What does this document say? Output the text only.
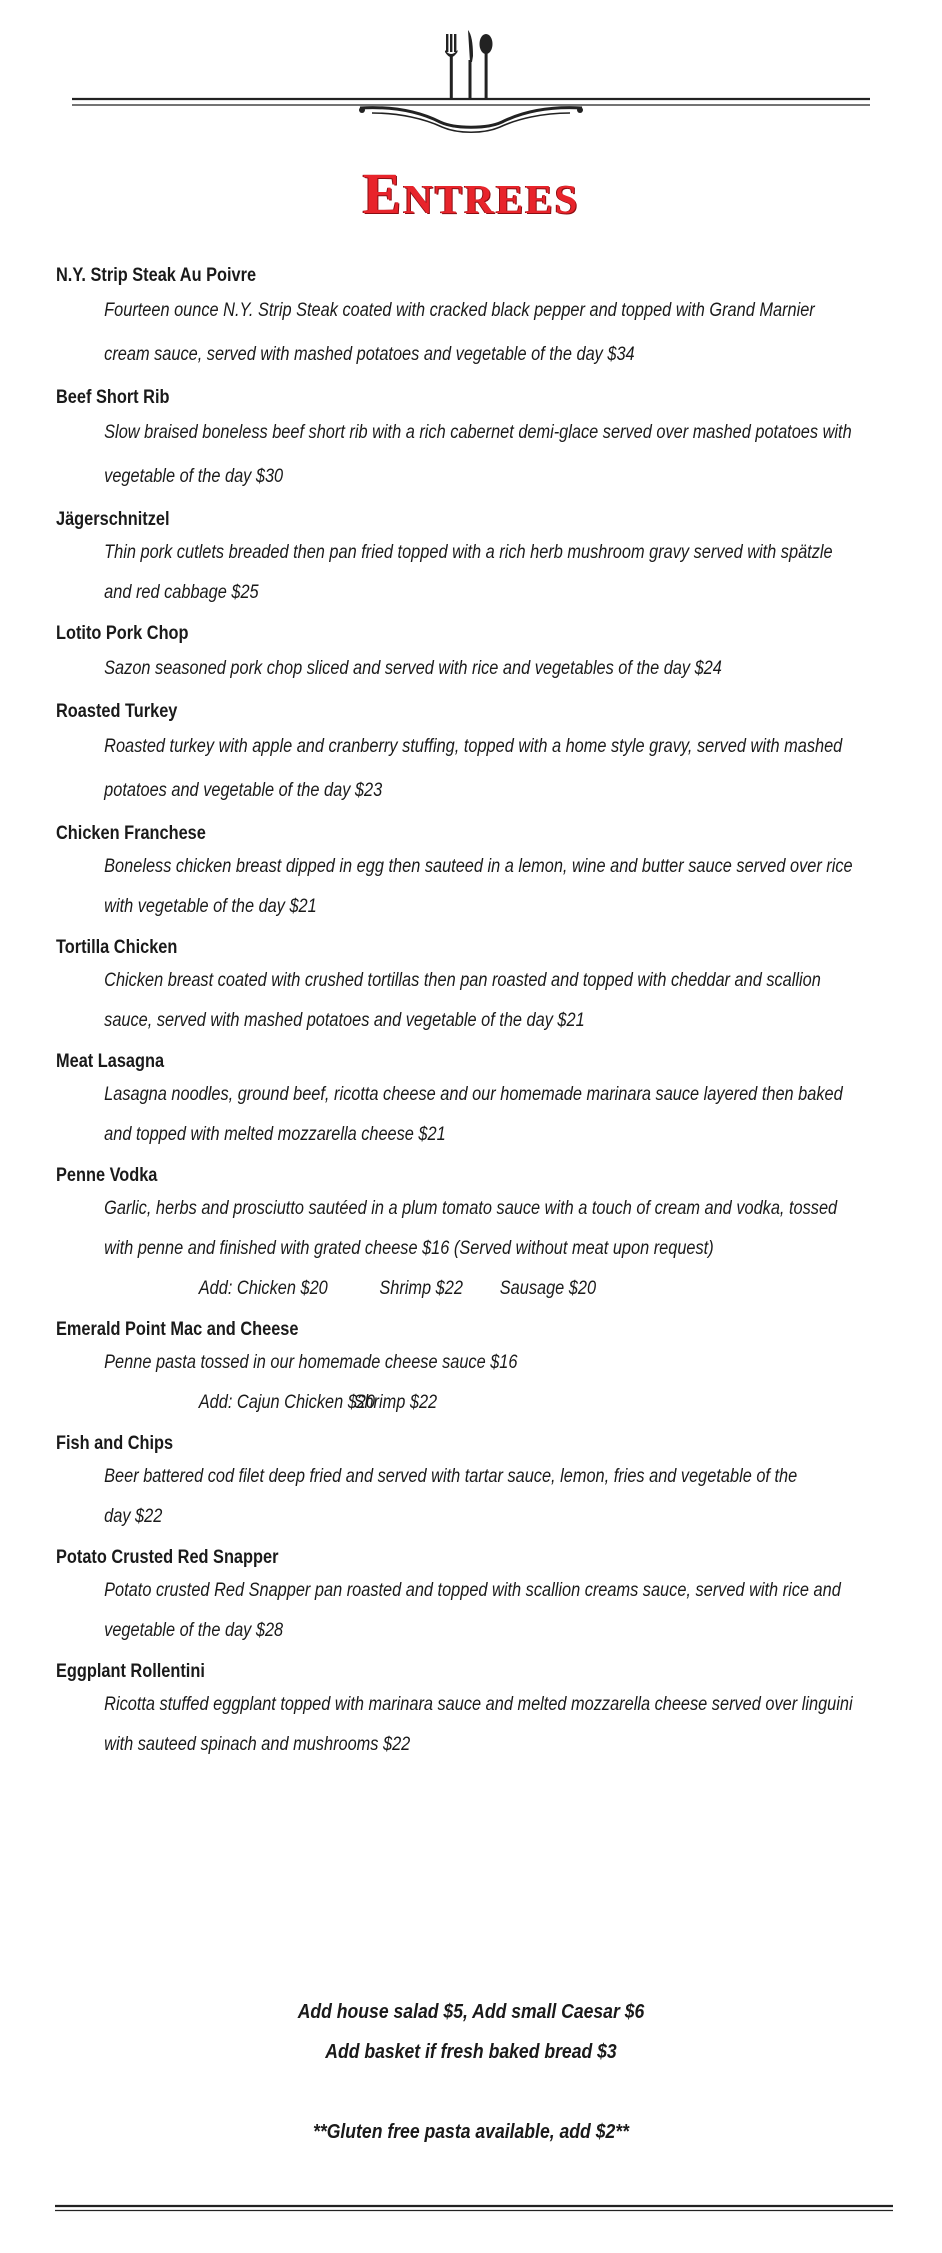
Entrees
N.Y. Strip Steak Au Poivre
Fourteen ounce N.Y. Strip Steak coated with cracked black pepper and topped with Grand Marnier
cream sauce, served with mashed potatoes and vegetable of the day $34
Beef Short Rib
Slow braised boneless beef short rib with a rich cabernet demi-glace served over mashed potatoes with
vegetable of the day $30
Jägerschnitzel
Thin pork cutlets breaded then pan fried topped with a rich herb mushroom gravy served with spätzle
and red cabbage $25
Lotito Pork Chop
Sazon seasoned pork chop sliced and served with rice and vegetables of the day $24
Roasted Turkey
Roasted turkey with apple and cranberry stuffing, topped with a home style gravy, served with mashed
potatoes and vegetable of the day $23
Chicken Franchese
Boneless chicken breast dipped in egg then sauteed in a lemon, wine and butter sauce served over rice
with vegetable of the day $21
Tortilla Chicken
Chicken breast coated with crushed tortillas then pan roasted and topped with cheddar and scallion
sauce, served with mashed potatoes and vegetable of the day $21
Meat Lasagna
Lasagna noodles, ground beef, ricotta cheese and our homemade marinara sauce layered then baked
and topped with melted mozzarella cheese $21
Penne Vodka
Garlic, herbs and prosciutto sautéed in a plum tomato sauce with a touch of cream and vodka, tossed
with penne and finished with grated cheese $16 (Served without meat upon request)
Add: Chicken $20	Shrimp $22 Sausage $20
Emerald Point Mac and Cheese
Penne pasta tossed in our homemade cheese sauce $16
Add: Cajun Chicken $20Shrimp $22
Fish and Chips
Beer battered cod filet deep fried and served with tartar sauce, lemon, fries and vegetable of the
day $22
Potato Crusted Red Snapper
Potato crusted Red Snapper pan roasted and topped with scallion creams sauce, served with rice and
vegetable of the day $28
Eggplant Rollentini
Ricotta stuffed eggplant topped with marinara sauce and melted mozzarella cheese served over linguini
with sauteed spinach and mushrooms $22
Add house salad $5, Add small Caesar $6
Add basket if fresh baked bread $3
**Gluten free pasta available, add $2**
